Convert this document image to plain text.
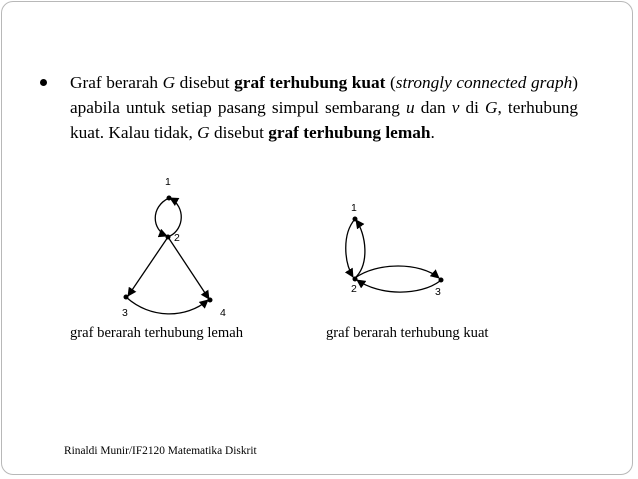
Graf berarah G disebut graf terhubung kuat (strongly connected graph) apabila untuk setiap pasang simpul sembarang u dan v di G, terhubung kuat. Kalau tidak, G disebut graf terhubung lemah.
1
2
3	4
1
2	3
graf berarah terhubung lemah	graf berarah terhubung kuat
Rinaldi Munir/IF2120 Matematika Diskrit
